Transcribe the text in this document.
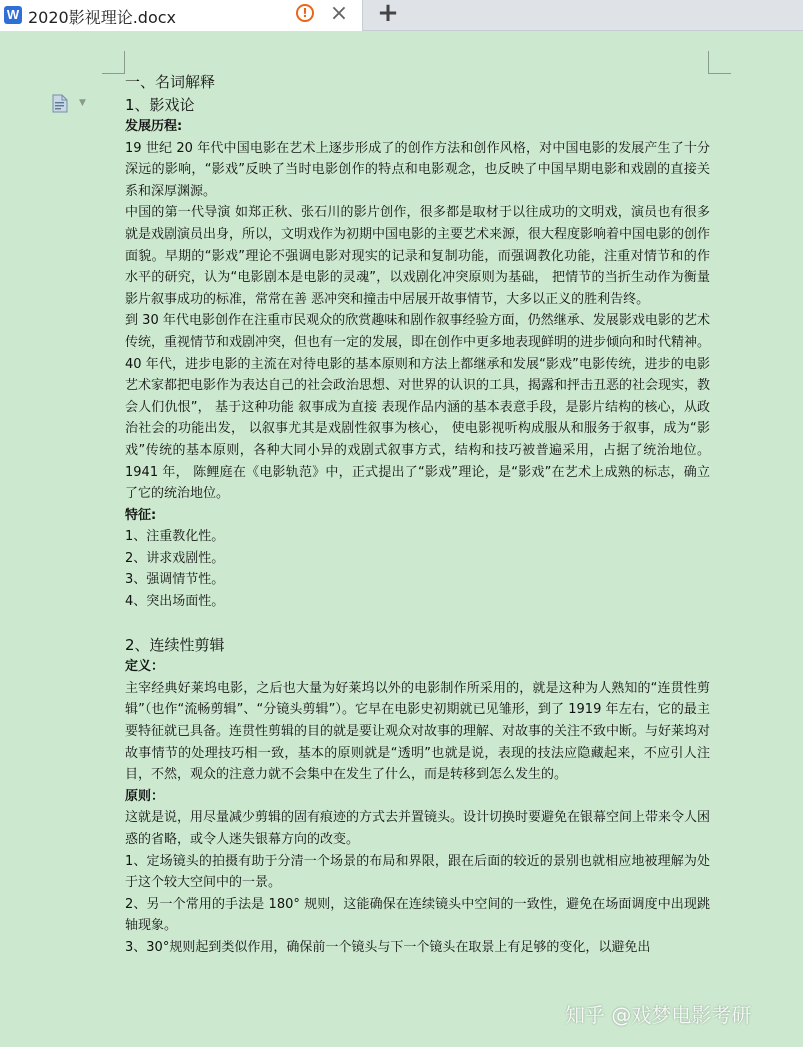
W 2020影视理论.docx	! × +
▼

一、名词解释

1、影戏论

发展历程:

19 世纪 20 年代中国电影在艺术上逐步形成了的创作方法和创作风格，对中国电影的发展产生了十分深远的影响，“影戏”反映了当时电影创作的特点和电影观念，也反映了中国早期电影和戏剧的直接关系和深厚渊源。

中国的第一代导演 如郑正秋、张石川的影片创作，很多都是取材于以往成功的文明戏，演员也有很多就是戏剧演员出身，所以，文明戏作为初期中国电影的主要艺术来源，很大程度影响着中国电影的创作面貌。早期的“影戏”理论不强调电影对现实的记录和复制功能，而强调教化功能，注重对情节和的作水平的研究，认为“电影剧本是电影的灵魂”，以戏剧化冲突原则为基础， 把情节的当折生动作为衡量影片叙事成功的标准，常常在善 恶冲突和撞击中居展开故事情节，大多以正义的胜利告终。

到 30 年代电影创作在注重市民观众的欣赏趣味和剧作叙事经验方面，仍然继承、发展影戏电影的艺术传统，重视情节和戏剧冲突，但也有一定的发展，即在创作中更多地表现鲜明的进步倾向和时代精神。

40 年代，进步电影的主流在对待电影的基本原则和方法上都继承和发展“影戏”电影传统，进步的电影艺术家都把电影作为表达自己的社会政治思想、对世界的认识的工具，揭露和抨击丑恶的社会现实，教会人们仇恨”， 基于这种功能 叙事成为直接 表现作品内涵的基本表意手段，是影片结构的核心，从政治社会的功能出发， 以叙事尤其是戏剧性叙事为核心， 使电影视听构成服从和服务于叙事，成为“影戏”传统的基本原则，各种大同小异的戏剧式叙事方式，结构和技巧被普遍采用，占据了统治地位。1941 年， 陈鲤庭在《电影轨范》中，正式提出了“影戏”理论，是“影戏”在艺术上成熟的标志，确立了它的统治地位。

特征:

1、注重教化性。

2、讲求戏剧性。

3、强调情节性。

4、突出场面性。

2、连续性剪辑

定义：

主宰经典好莱坞电影，之后也大量为好莱坞以外的电影制作所采用的，就是这种为人熟知的“连贯性剪辑”（也作“流畅剪辑”、“分镜头剪辑”）。它早在电影史初期就已见雏形，到了 1919 年左右，它的最主要特征就已具备。连贯性剪辑的目的就是要让观众对故事的理解、对故事的关注不致中断。与好莱坞对故事情节的处理技巧相一致，基本的原则就是“透明”也就是说，表现的技法应隐藏起来，不应引人注目，不然，观众的注意力就不会集中在发生了什么，而是转移到怎么发生的。

原则：

这就是说，用尽量减少剪辑的固有痕迹的方式去并置镜头。设计切换时要避免在银幕空间上带来令人困惑的省略，或令人迷失银幕方向的改变。

1、定场镜头的拍摄有助于分清一个场景的布局和界限，跟在后面的较近的景别也就相应地被理解为处于这个较大空间中的一景。

2、另一个常用的手法是 180° 规则，这能确保在连续镜头中空间的一致性，避免在场面调度中出现跳轴现象。

3、30°规则起到类似作用，确保前一个镜头与下一个镜头在取景上有足够的变化，以避免出

知乎 @戏梦电影考研
